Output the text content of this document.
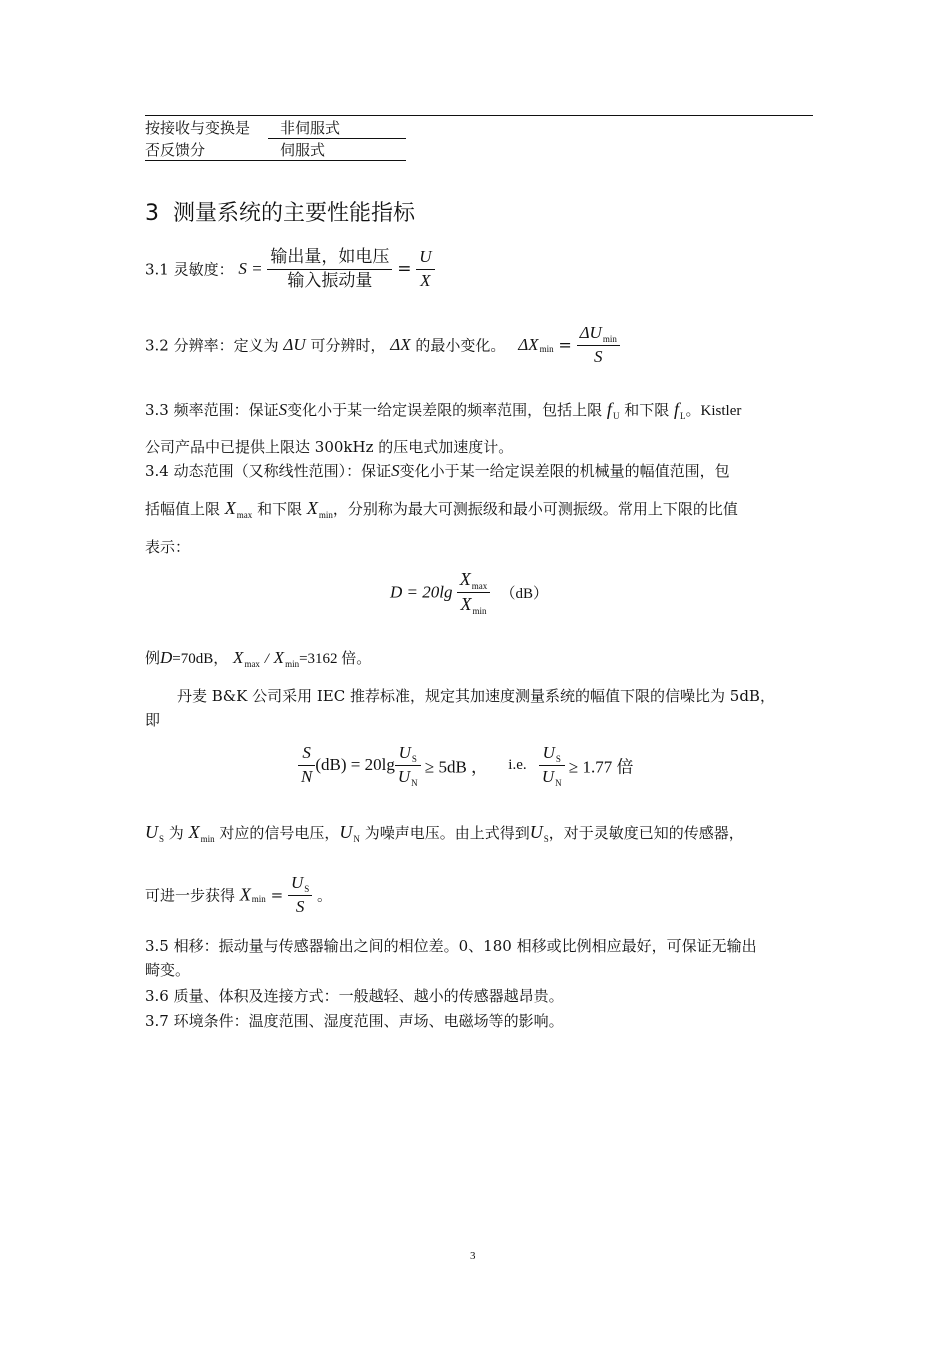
按接收与变换是 非伺服式
否反馈分	伺服式
3  测量系统的主要性能指标
3.1 灵敏度： $S = \frac{\text{输出量，如电压}}{\text{输入振动量}} = \frac{U}{X}$
3.2 分辨率：定义为 ΔU 可分辨时， ΔX 的最小变化。 $\Delta X_{min} = \frac{\Delta U_{min}}{S}$
3.3 频率范围：保证S变化小于某一给定误差限的频率范围，包括上限 $f_U$ 和下限 $f_L$。Kistler
公司产品中已提供上限达 300kHz 的压电式加速度计。
3.4 动态范围（又称线性范围）：保证S变化小于某一给定误差限的机械量的幅值范围，包
括幅值上限 $X_{max}$ 和下限 $X_{min}$，分别称为最大可测振级和最小可测振级。常用上下限的比值
表示：
$D = 20\lg \frac{X_{max}}{X_{min}} (dB)$
例D=70dB， $X_{max} / X_{min}=3162$ 倍。
丹麦 B&K 公司采用 IEC 推荐标准，规定其加速度测量系统的幅值下限的信噪比为 5dB，
即
$\frac{S}{N} (dB) = 20\lg \frac{U_S}{U_N} \ge 5dB$ ， i.e. $\frac{U_S}{U_N} \ge 1.77$ 倍
$U_S$ 为 $X_{min}$ 对应的信号电压，$U_N$ 为噪声电压。由上式得到$U_S$，对于灵敏度已知的传感器，
可进一步获得 $X_{min} = \frac{U_S}{S}$ 。
3.5 相移：振动量与传感器输出之间的相位差。0、180 相移或比例相应最好，可保证无输出
畸变。
3.6 质量、体积及连接方式：一般越轻、越小的传感器越昂贵。
3.7 环境条件：温度范围、湿度范围、声场、电磁场等的影响。
3
